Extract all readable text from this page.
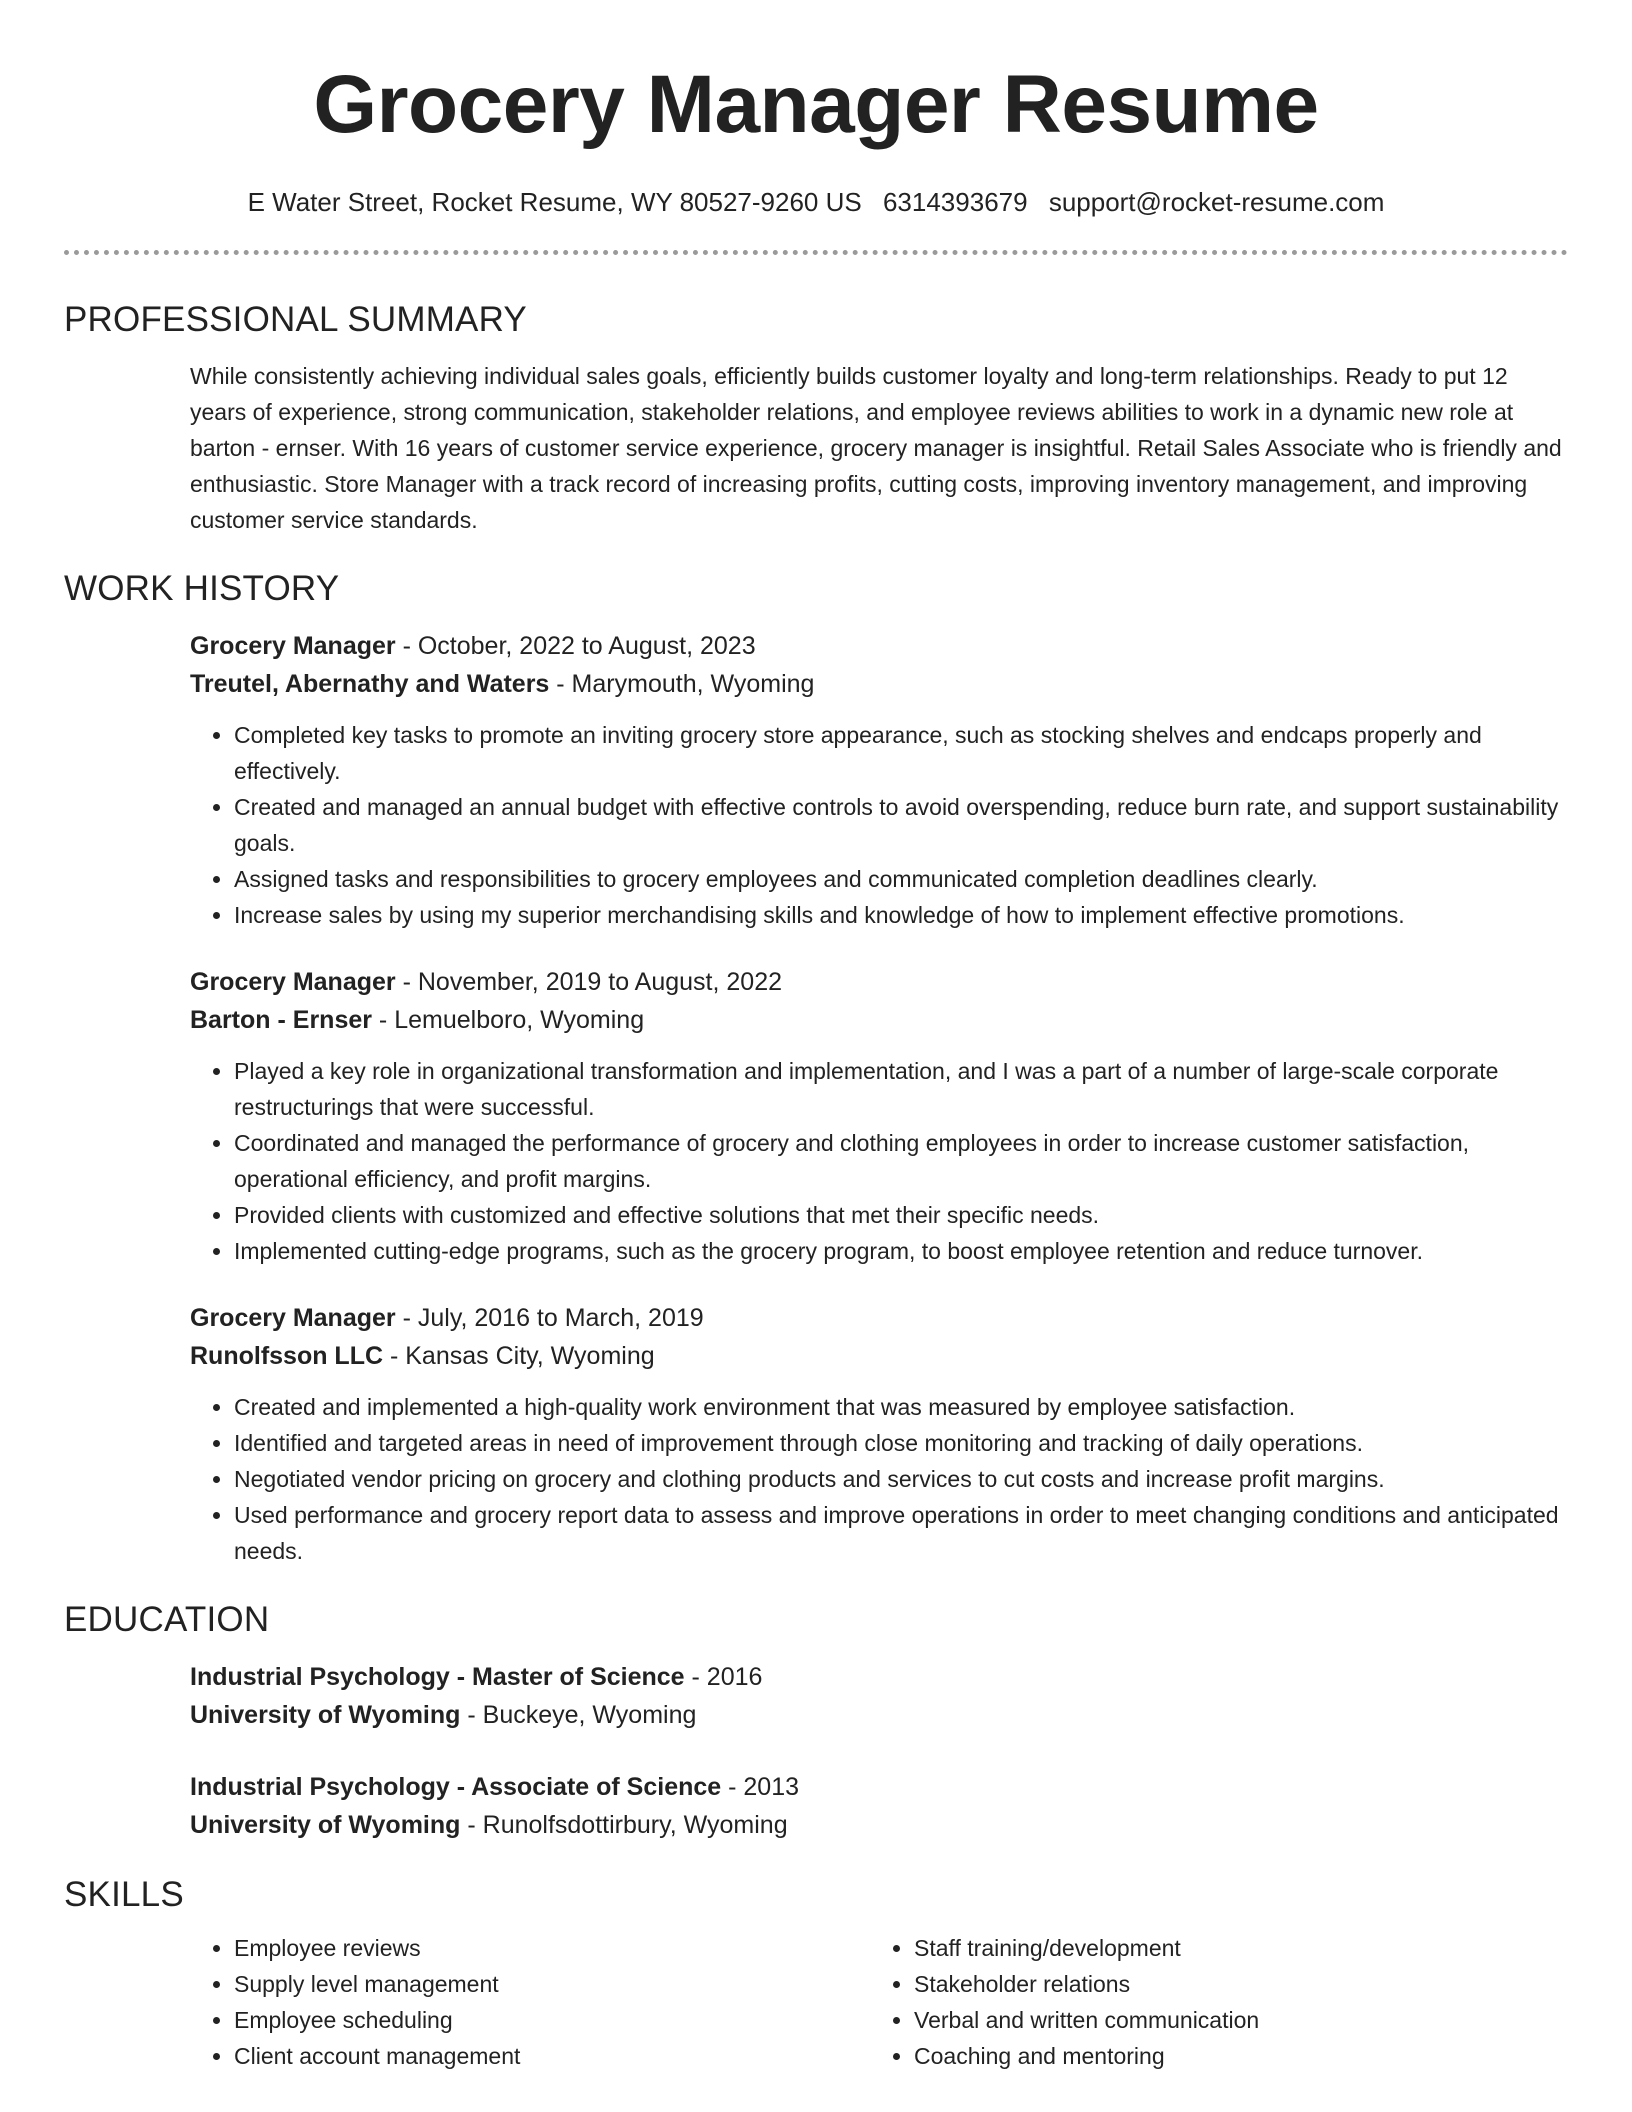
Grocery Manager Resume
E Water Street, Rocket Resume, WY 80527-9260 US 6314393679 support@rocket-resume.com
PROFESSIONAL SUMMARY
While consistently achieving individual sales goals, efficiently builds customer loyalty and long-term relationships. Ready to put 12 years of experience, strong communication, stakeholder relations, and employee reviews abilities to work in a dynamic new role at barton - ernser. With 16 years of customer service experience, grocery manager is insightful. Retail Sales Associate who is friendly and enthusiastic. Store Manager with a track record of increasing profits, cutting costs, improving inventory management, and improving customer service standards.
WORK HISTORY
Grocery Manager - October, 2022 to August, 2023
Treutel, Abernathy and Waters - Marymouth, Wyoming
• Completed key tasks to promote an inviting grocery store appearance, such as stocking shelves and endcaps properly and effectively.
• Created and managed an annual budget with effective controls to avoid overspending, reduce burn rate, and support sustainability goals.
• Assigned tasks and responsibilities to grocery employees and communicated completion deadlines clearly.
• Increase sales by using my superior merchandising skills and knowledge of how to implement effective promotions.
Grocery Manager - November, 2019 to August, 2022
Barton - Ernser - Lemuelboro, Wyoming
• Played a key role in organizational transformation and implementation, and I was a part of a number of large-scale corporate restructurings that were successful.
• Coordinated and managed the performance of grocery and clothing employees in order to increase customer satisfaction, operational efficiency, and profit margins.
• Provided clients with customized and effective solutions that met their specific needs.
• Implemented cutting-edge programs, such as the grocery program, to boost employee retention and reduce turnover.
Grocery Manager - July, 2016 to March, 2019
Runolfsson LLC - Kansas City, Wyoming
• Created and implemented a high-quality work environment that was measured by employee satisfaction.
• Identified and targeted areas in need of improvement through close monitoring and tracking of daily operations.
• Negotiated vendor pricing on grocery and clothing products and services to cut costs and increase profit margins.
• Used performance and grocery report data to assess and improve operations in order to meet changing conditions and anticipated needs.
EDUCATION
Industrial Psychology - Master of Science - 2016
University of Wyoming - Buckeye, Wyoming
Industrial Psychology - Associate of Science - 2013
University of Wyoming - Runolfsdottirbury, Wyoming
SKILLS
• Employee reviews
• Supply level management
• Employee scheduling
• Client account management
• Staff training/development
• Stakeholder relations
• Verbal and written communication
• Coaching and mentoring
